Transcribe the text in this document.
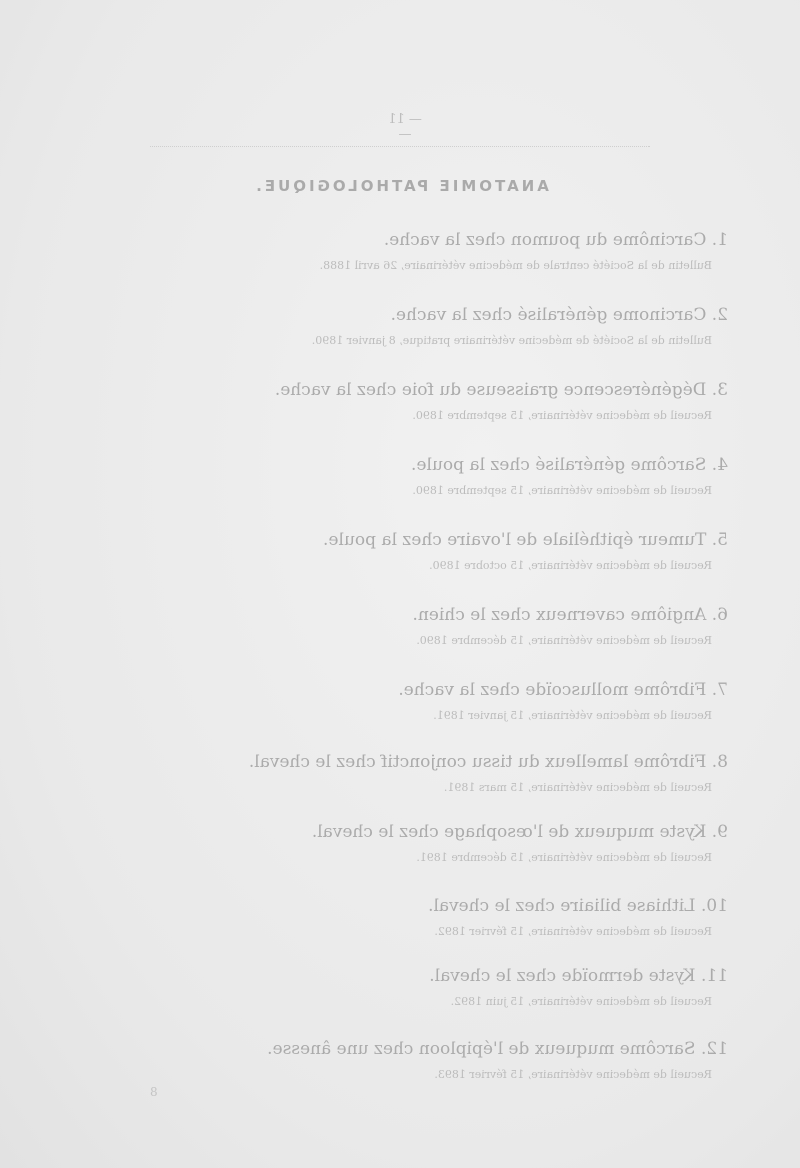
— 11 —
ANATOMIE PATHOLOGIQUE.
1. Carcinôme du poumon chez la vache.
Bulletin de la Société centrale de médecine vétérinaire, 26 avril 1888.
2. Carcinome généralisé chez la vache.
Bulletin de la Société de médecine vétérinaire pratique, 8 janvier 1890.
3. Dégénérescence graisseuse du foie chez la vache.
Recueil de médecine vétérinaire, 15 septembre 1890.
4. Sarcôme généralisé chez la poule.
Recueil de médecine vétérinaire, 15 septembre 1890.
5. Tumeur épithéliale de l'ovaire chez la poule.
Recueil de médecine vétérinaire, 15 octobre 1890.
6. Angiôme caverneux chez le chien.
Recueil de médecine vétérinaire, 15 décembre 1890.
7. Fibrôme molluscoïde chez la vache.
Recueil de médecine vétérinaire, 15 janvier 1891.
8. Fibrôme lamelleux du tissu conjonctif chez le cheval.
Recueil de médecine vétérinaire, 15 mars 1891.
9. Kyste muqueux de l'œsophage chez le cheval.
Recueil de médecine vétérinaire, 15 décembre 1891.
10. Lithiase biliaire chez le cheval.
Recueil de médecine vétérinaire, 15 février 1892.
11. Kyste dermoïde chez le cheval.
Recueil de médecine vétérinaire, 15 juin 1892.
12. Sarcôme muqueux de l'épiploon chez une ânesse.
Recueil de médecine vétérinaire, 15 février 1893.
8
